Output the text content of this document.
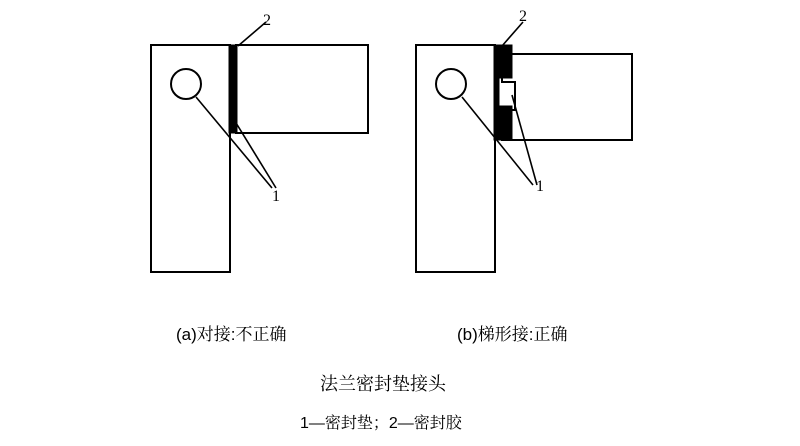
2
1
2
1
(a)对接:不正确	(b)梯形接:正确
法兰密封垫接头
1—密封垫；2—密封胶
